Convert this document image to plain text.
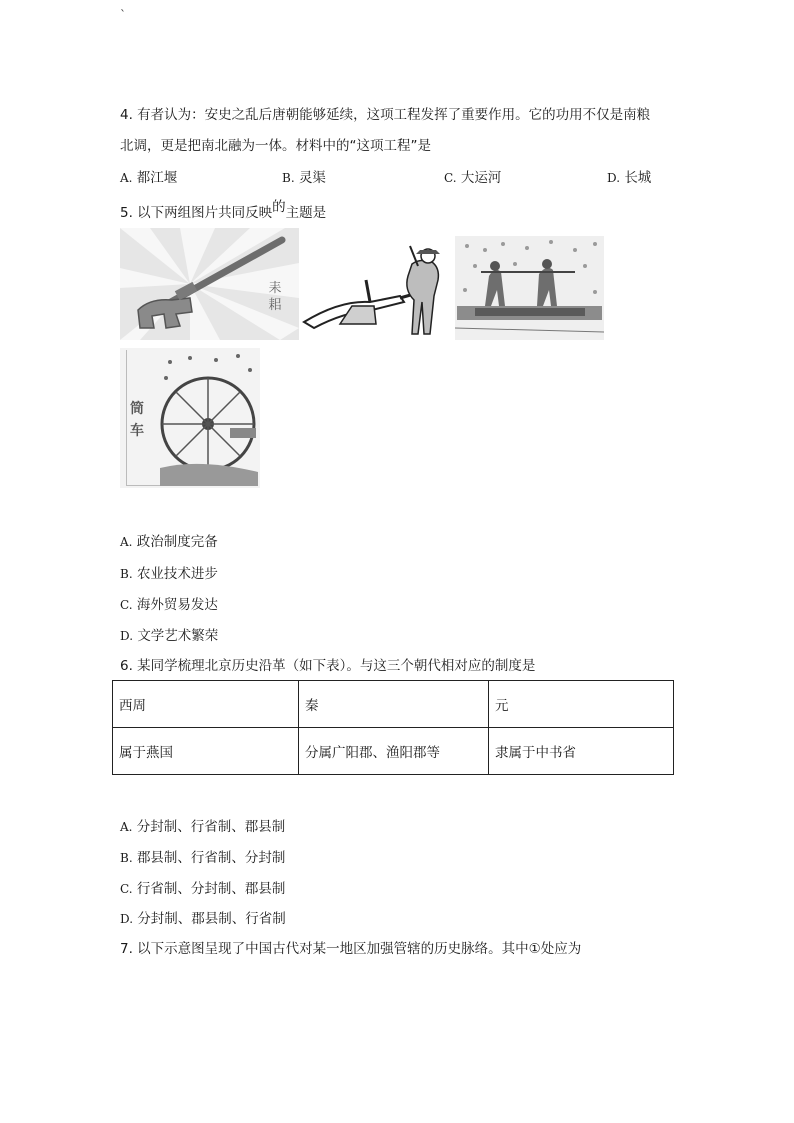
`
4. 有者认为：安史之乱后唐朝能够延续，这项工程发挥了重要作用。它的功用不仅是南粮
北调，更是把南北融为一体。材料中的“这项工程”是
A. 都江堰	B. 灵渠	C. 大运河	D. 长城
5. 以下两组图片共同反映的主题是
耒耜
筒
车
A. 政治制度完备
B. 农业技术进步
C. 海外贸易发达
D. 文学艺术繁荣
6. 某同学梳理北京历史沿革（如下表）。与这三个朝代相对应的制度是
西周	秦	元
属于燕国	分属广阳郡、渔阳郡等	隶属于中书省
A. 分封制、行省制、郡县制
B. 郡县制、行省制、分封制
C. 行省制、分封制、郡县制
D. 分封制、郡县制、行省制
7. 以下示意图呈现了中国古代对某一地区加强管辖的历史脉络。其中①处应为
